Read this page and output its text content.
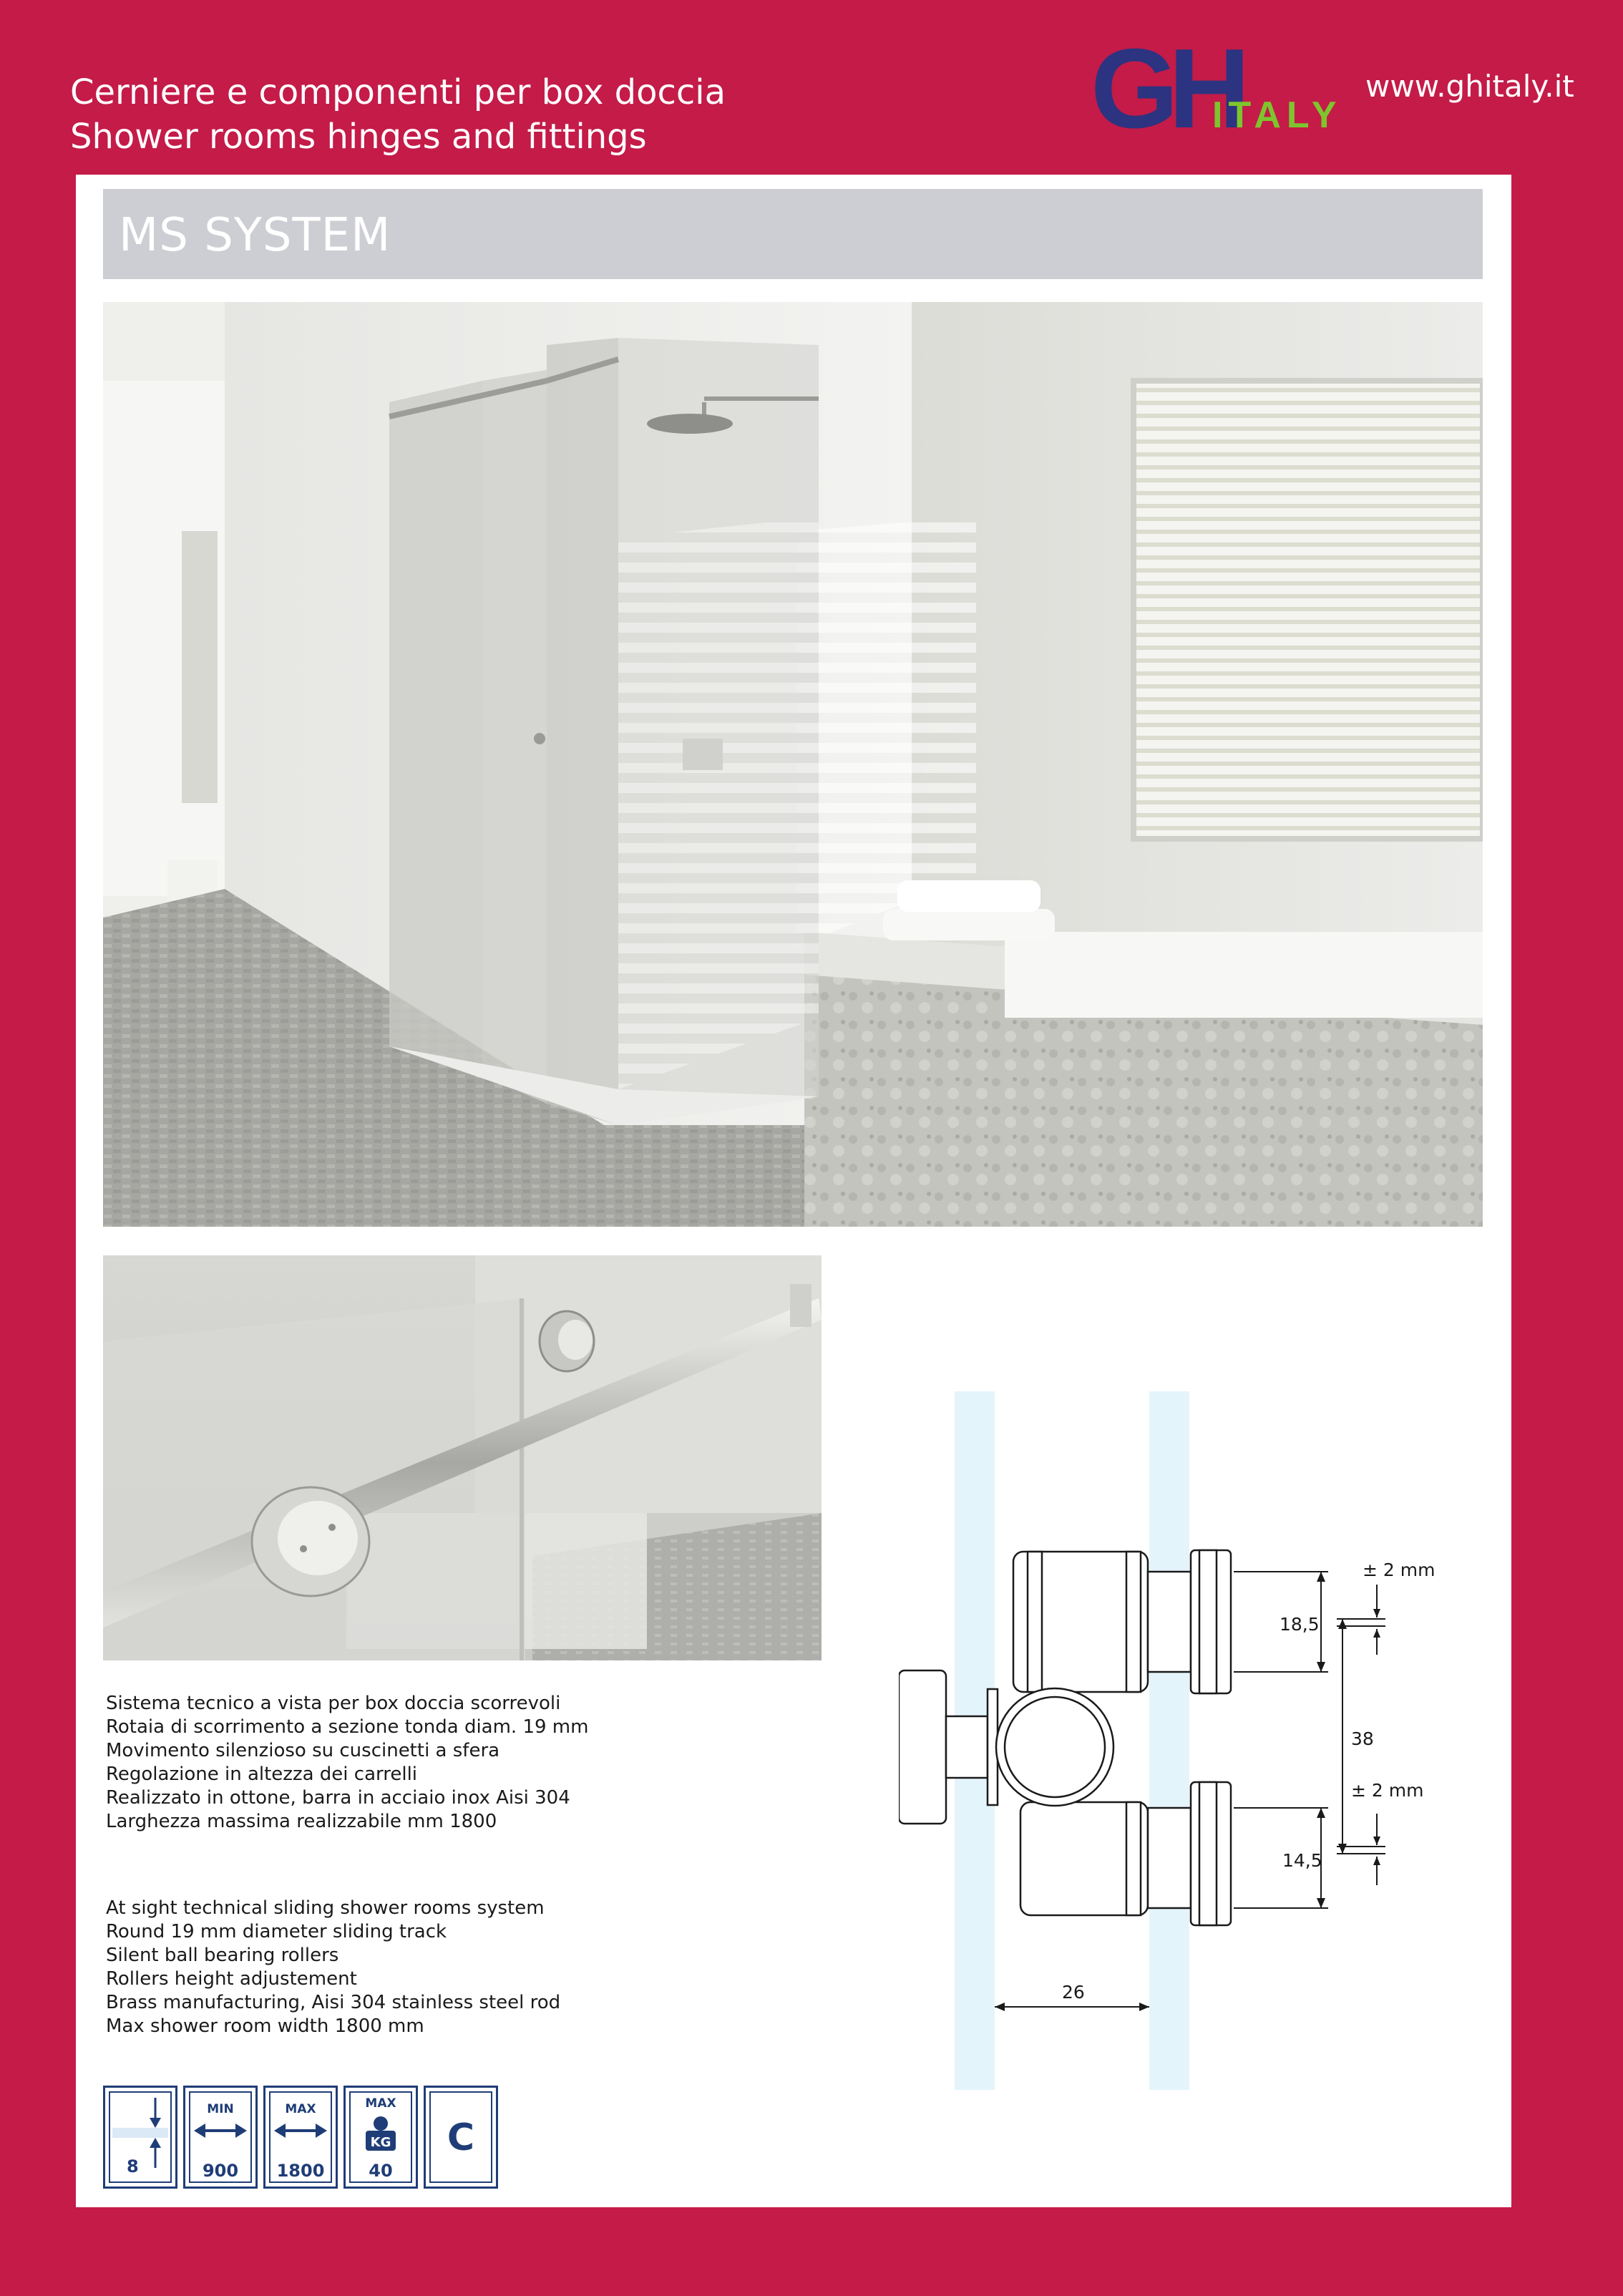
Cerniere e componenti per box doccia
Shower rooms hinges and fittings	GH
ITALY
www.ghitaly.it
MS SYSTEM
Sistema tecnico a vista per box doccia scorrevoli
Rotaia di scorrimento a sezione tonda diam. 19 mm
Movimento silenzioso su cuscinetti a sfera
Regolazione in altezza dei carrelli
Realizzato in ottone, barra in acciaio inox Aisi 304
Larghezza massima realizzabile mm 1800
At sight technical sliding shower rooms system
Round 19 mm diameter sliding track
Silent ball bearing rollers
Rollers height adjustement
Brass manufacturing, Aisi 304 stainless steel rod
Max shower room width 1800 mm
8
MIN
900
MAX
1800
MAX
KG
40
C
± 2 mm
18,5
38
± 2 mm
14,5
26
